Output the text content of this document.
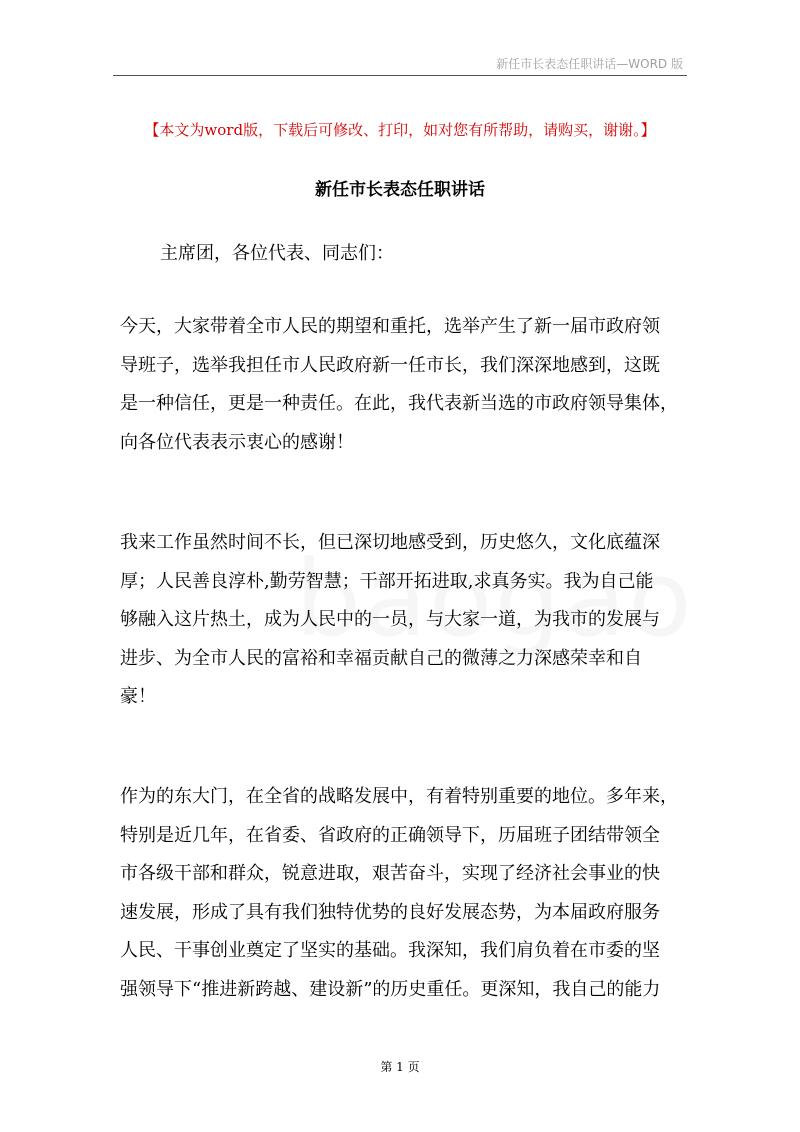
新任市长表态任职讲话—WORD 版
【本文为word版，下载后可修改、打印，如对您有所帮助，请购买，谢谢。】
新任市长表态任职讲话
主席团，各位代表、同志们：
今天，大家带着全市人民的期望和重托，选举产生了新一届市政府领
导班子，选举我担任市人民政府新一任市长，我们深深地感到，这既
是一种信任，更是一种责任。在此，我代表新当选的市政府领导集体，
向各位代表表示衷心的感谢！
我来工作虽然时间不长，但已深切地感受到，历史悠久，文化底蕴深
厚；人民善良淳朴,勤劳智慧；干部开拓进取,求真务实。我为自己能
够融入这片热土，成为人民中的一员，与大家一道，为我市的发展与
进步、为全市人民的富裕和幸福贡献自己的微薄之力深感荣幸和自
豪！
作为的东大门，在全省的战略发展中，有着特别重要的地位。多年来，
特别是近几年，在省委、省政府的正确领导下，历届班子团结带领全
市各级干部和群众，锐意进取，艰苦奋斗，实现了经济社会事业的快
速发展，形成了具有我们独特优势的良好发展态势，为本届政府服务
人民、干事创业奠定了坚实的基础。我深知，我们肩负着在市委的坚
强领导下“推进新跨越、建设新”的历史重任。更深知，我自己的能力
第 1 页
